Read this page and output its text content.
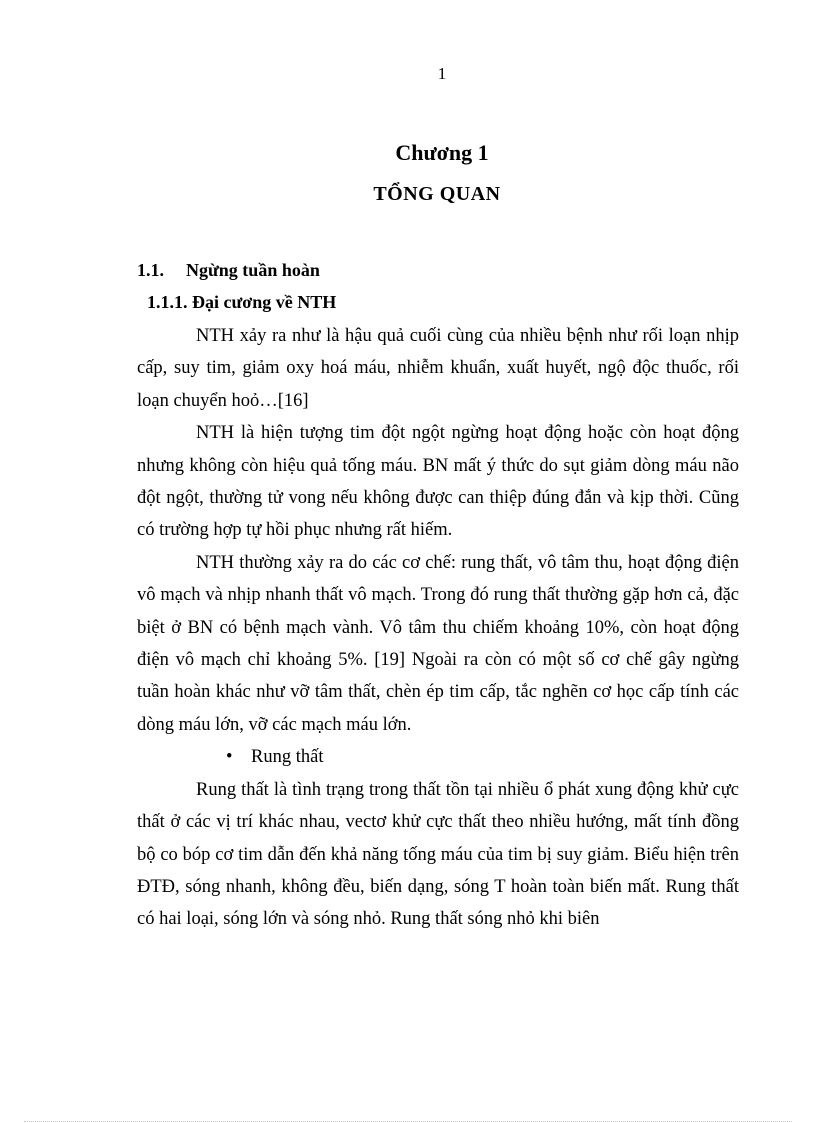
1
Chương 1
TỔNG QUAN
1.1. Ngừng tuần hoàn
1.1.1. Đại cương về NTH

NTH xảy ra như là hậu quả cuối cùng của nhiều bệnh như rối loạn nhịp cấp, suy tim, giảm oxy hoá máu, nhiễm khuẩn, xuất huyết, ngộ độc thuốc, rối loạn chuyển hoỏ…[16]

NTH là hiện tượng tim đột ngột ngừng hoạt động hoặc còn hoạt động nhưng không còn hiệu quả tống máu. BN mất ý thức do sụt giảm dòng máu não đột ngột, thường tử vong nếu không được can thiệp đúng đắn và kịp thời. Cũng có trường hợp tự hồi phục nhưng rất hiếm.

NTH thường xảy ra do các cơ chế: rung thất, vô tâm thu, hoạt động điện vô mạch và nhịp nhanh thất vô mạch. Trong đó rung thất thường gặp hơn cả, đặc biệt ở BN có bệnh mạch vành. Vô tâm thu chiếm khoảng 10%, còn hoạt động điện vô mạch chỉ khoảng 5%. [19] Ngoài ra còn có một số cơ chế gây ngừng tuần hoàn khác như vỡ tâm thất, chèn ép tim cấp, tắc nghẽn cơ học cấp tính các dòng máu lớn, vỡ các mạch máu lớn.

• Rung thất

Rung thất là tình trạng trong thất tồn tại nhiều ổ phát xung động khử cực thất ở các vị trí khác nhau, vectơ khử cực thất theo nhiều hướng, mất tính đồng bộ co bóp cơ tim dẫn đến khả năng tống máu của tim bị suy giảm. Biểu hiện trên ĐTĐ, sóng nhanh, không đều, biến dạng, sóng T hoàn toàn biến mất. Rung thất có hai loại, sóng lớn và sóng nhỏ. Rung thất sóng nhỏ khi biên
